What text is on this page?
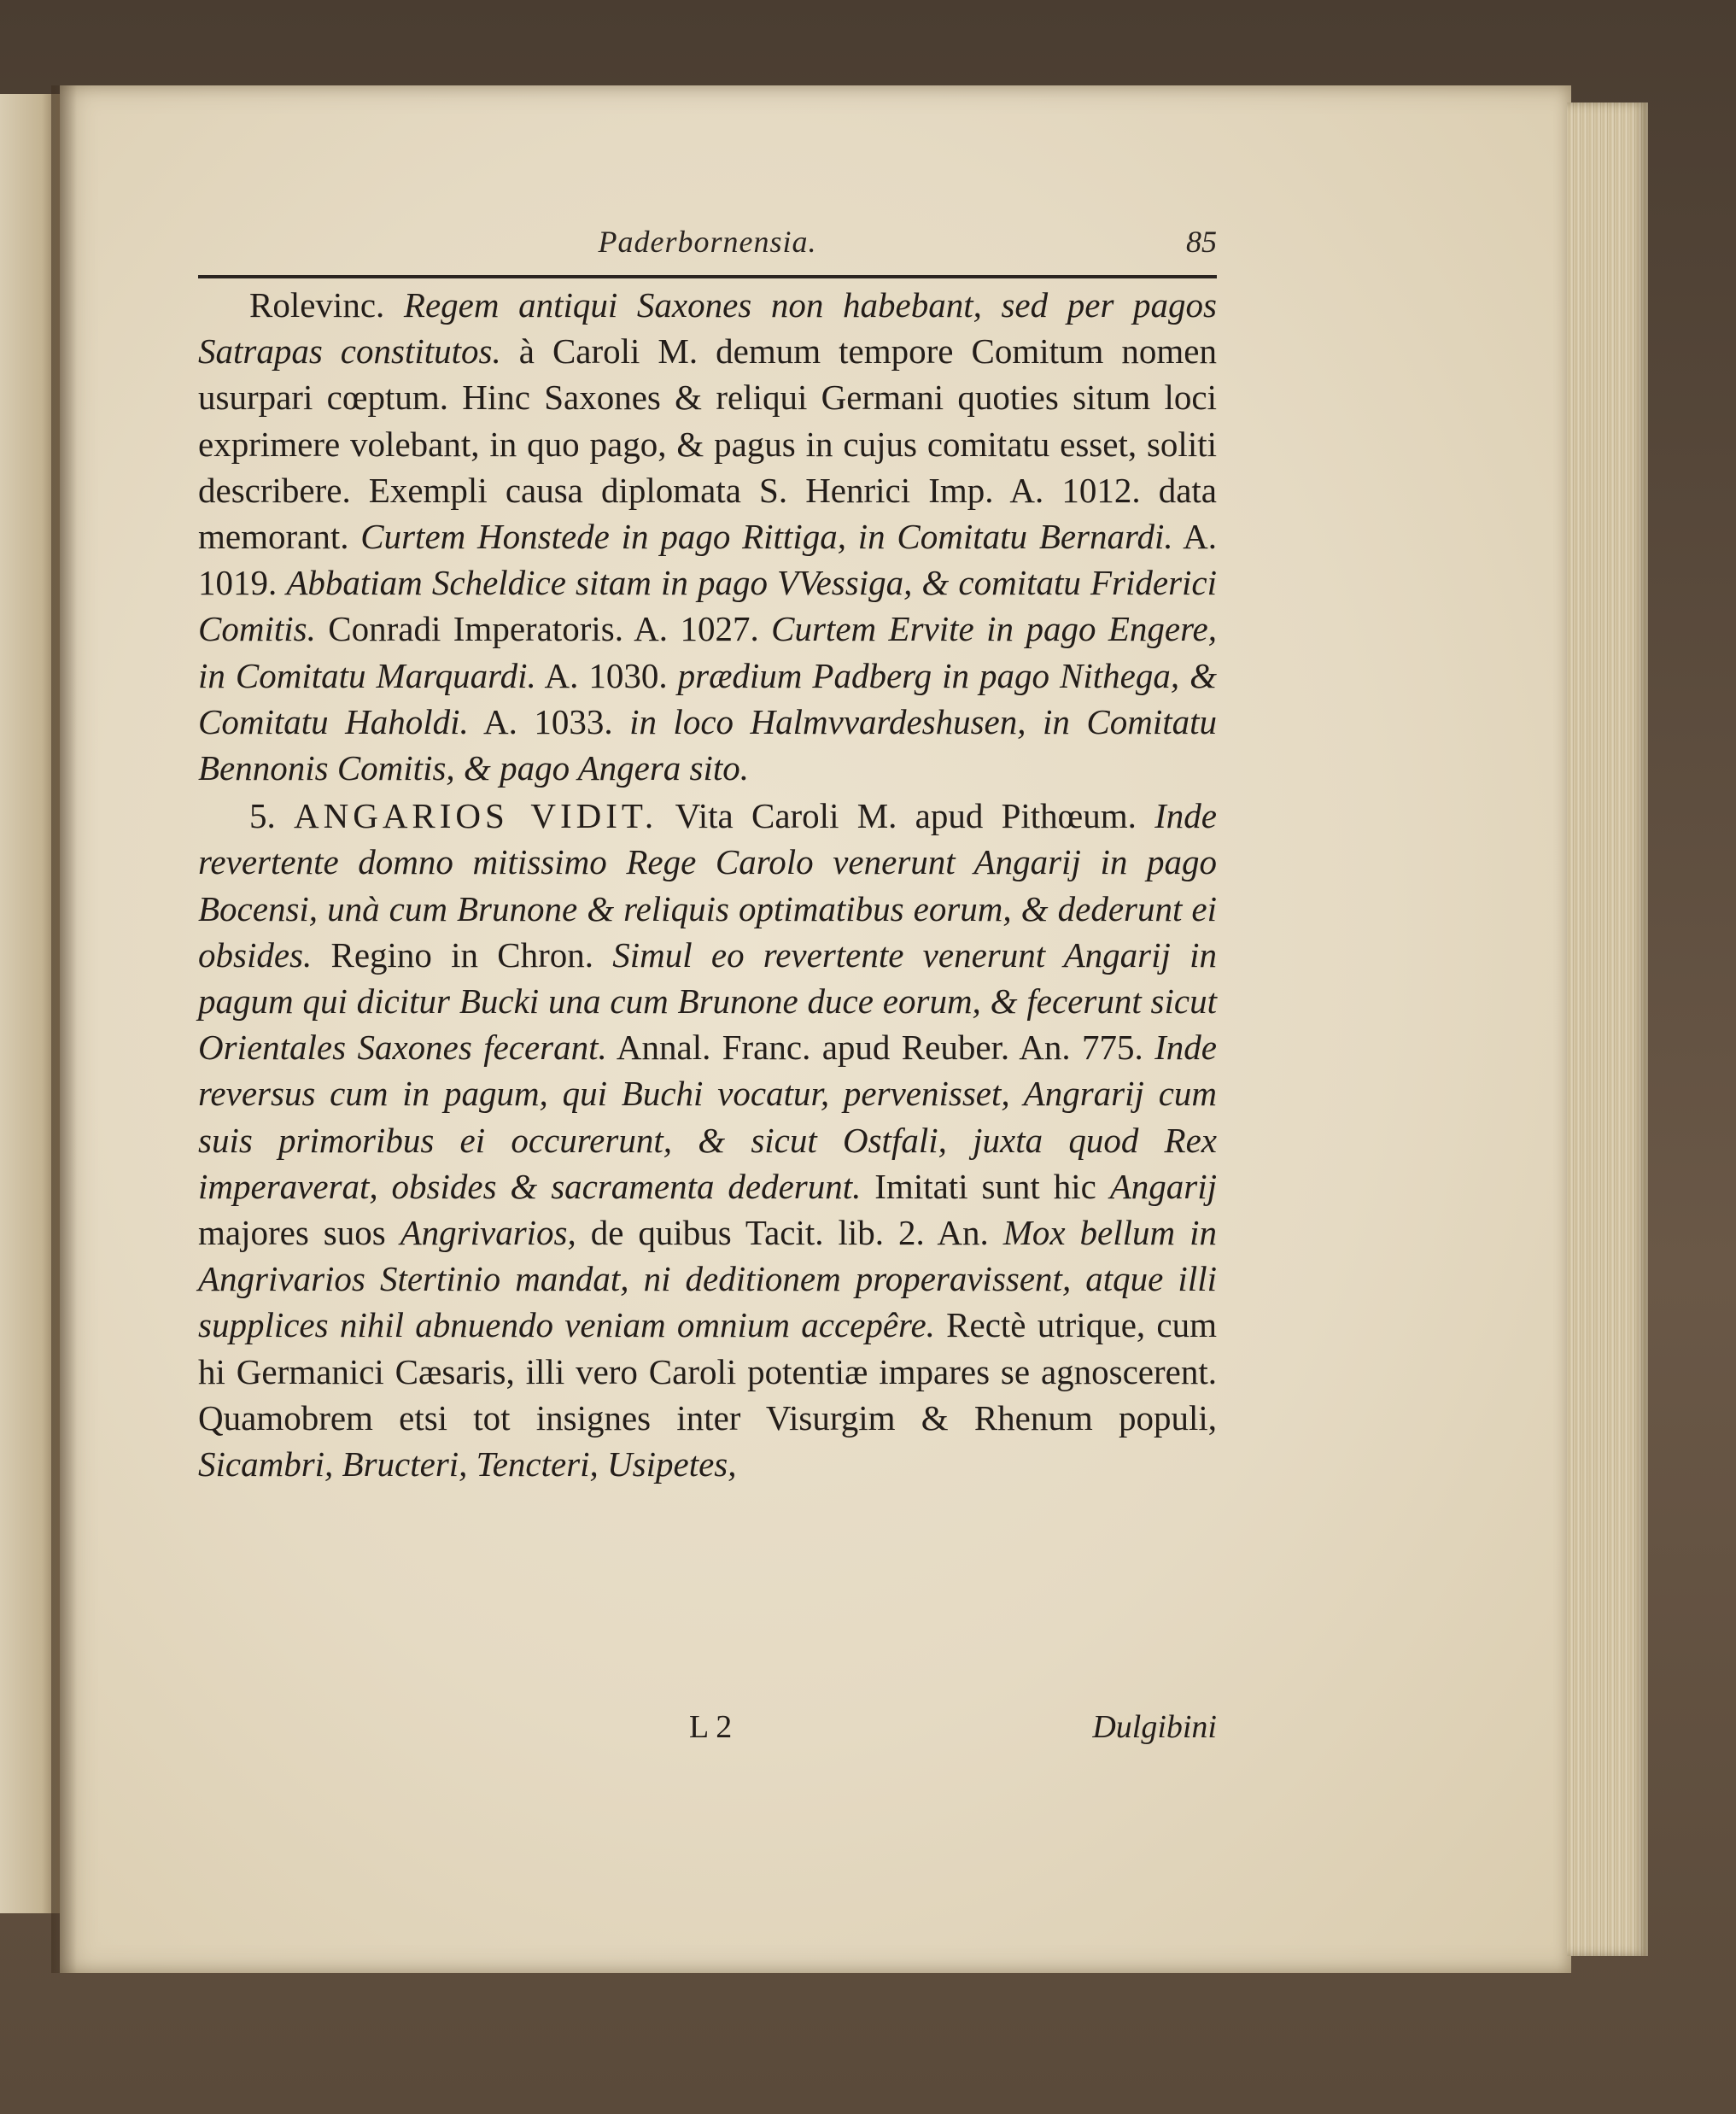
Paderbornensia.	85

Rolevinc. Regem antiqui Saxones non habebant, sed per pagos Satrapas constitutos. à Caroli M. demum tempore Comitum nomen usurpari cœptum. Hinc Saxones & reliqui Germani quoties situm loci exprimere volebant, in quo pago, & pagus in cujus comitatu esset, soliti describere. Exempli causa diplomata S. Henrici Imp. A. 1012. data memorant. Curtem Honstede in pago Rittiga, in Comitatu Bernardi. A. 1019. Abbatiam Scheldice sitam in pago VVessiga, & comitatu Friderici Comitis. Conradi Imperatoris. A. 1027. Curtem Ervite in pago Engere, in Comitatu Marquardi. A. 1030. prædium Padberg in pago Nithega, & Comitatu Haholdi. A. 1033. in loco Halmvvardeshusen, in Comitatu Bennonis Comitis, & pago Angera sito.

5. ANGARIOS VIDIT. Vita Caroli M. apud Pithœum. Inde revertente domno mitissimo Rege Carolo venerunt Angarij in pago Bocensi, unà cum Brunone & reliquis optimatibus eorum, & dederunt ei obsides. Regino in Chron. Simul eo revertente venerunt Angarij in pagum qui dicitur Bucki una cum Brunone duce eorum, & fecerunt sicut Orientales Saxones fecerant. Annal. Franc. apud Reuber. An. 775. Inde reversus cum in pagum, qui Buchi vocatur, pervenisset, Angrarij cum suis primoribus ei occurerunt, & sicut Ostfali, juxta quod Rex imperaverat, obsides & sacramenta dederunt. Imitati sunt hic Angarij majores suos Angrivarios, de quibus Tacit. lib. 2. An. Mox bellum in Angrivarios Stertinio mandat, ni deditionem properavissent, atque illi supplices nihil abnuendo veniam omnium accepêre. Rectè utrique, cum hi Germanici Cæsaris, illi vero Caroli potentiæ impares se agnoscerent. Quamobrem etsi tot insignes inter Visurgim & Rhenum populi, Sicambri, Bructeri, Tencteri, Usipetes,

L 2	Dulgibini
